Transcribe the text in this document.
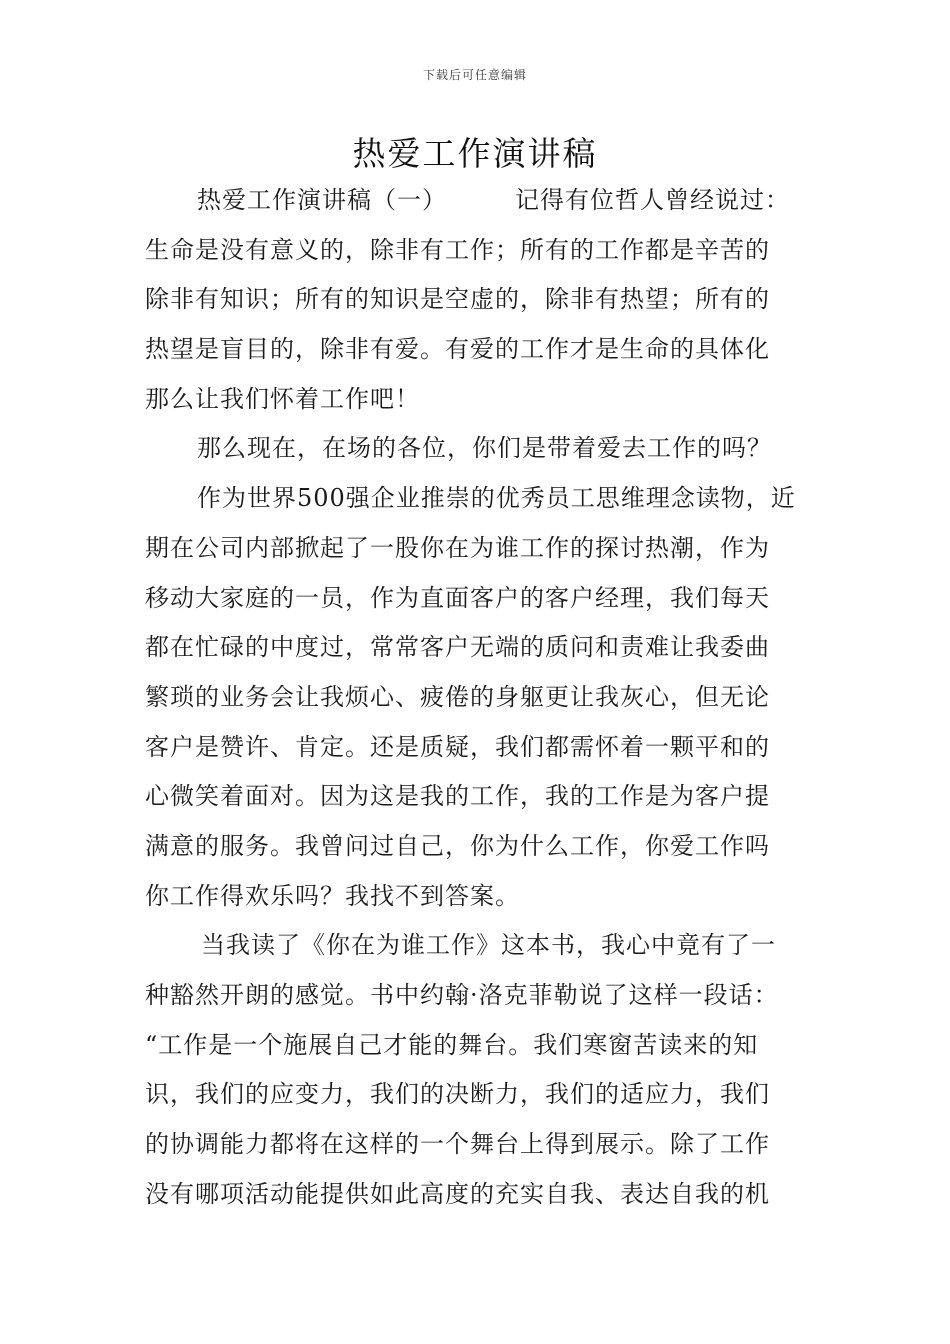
下载后可任意编辑
热爱工作演讲稿
热爱工作演讲稿（一）	记得有位哲人曾经说过：
生命是没有意义的，除非有工作；所有的工作都是辛苦的
除非有知识；所有的知识是空虚的，除非有热望；所有的
热望是盲目的，除非有爱。有爱的工作才是生命的具体化
那么让我们怀着工作吧！
那么现在，在场的各位，你们是带着爱去工作的吗？
作为世界500强企业推崇的优秀员工思维理念读物，近
期在公司内部掀起了一股你在为谁工作的探讨热潮，作为
移动大家庭的一员，作为直面客户的客户经理，我们每天
都在忙碌的中度过，常常客户无端的质问和责难让我委曲
繁琐的业务会让我烦心、疲倦的身躯更让我灰心，但无论
客户是赞许、肯定。还是质疑，我们都需怀着一颗平和的
心微笑着面对。因为这是我的工作，我的工作是为客户提
满意的服务。我曾问过自己，你为什么工作，你爱工作吗
你工作得欢乐吗？我找不到答案。
当我读了《你在为谁工作》这本书，我心中竟有了一
种豁然开朗的感觉。书中约翰·洛克菲勒说了这样一段话：
“工作是一个施展自己才能的舞台。我们寒窗苦读来的知
识，我们的应变力，我们的决断力，我们的适应力，我们
的协调能力都将在这样的一个舞台上得到展示。除了工作
没有哪项活动能提供如此高度的充实自我、表达自我的机
